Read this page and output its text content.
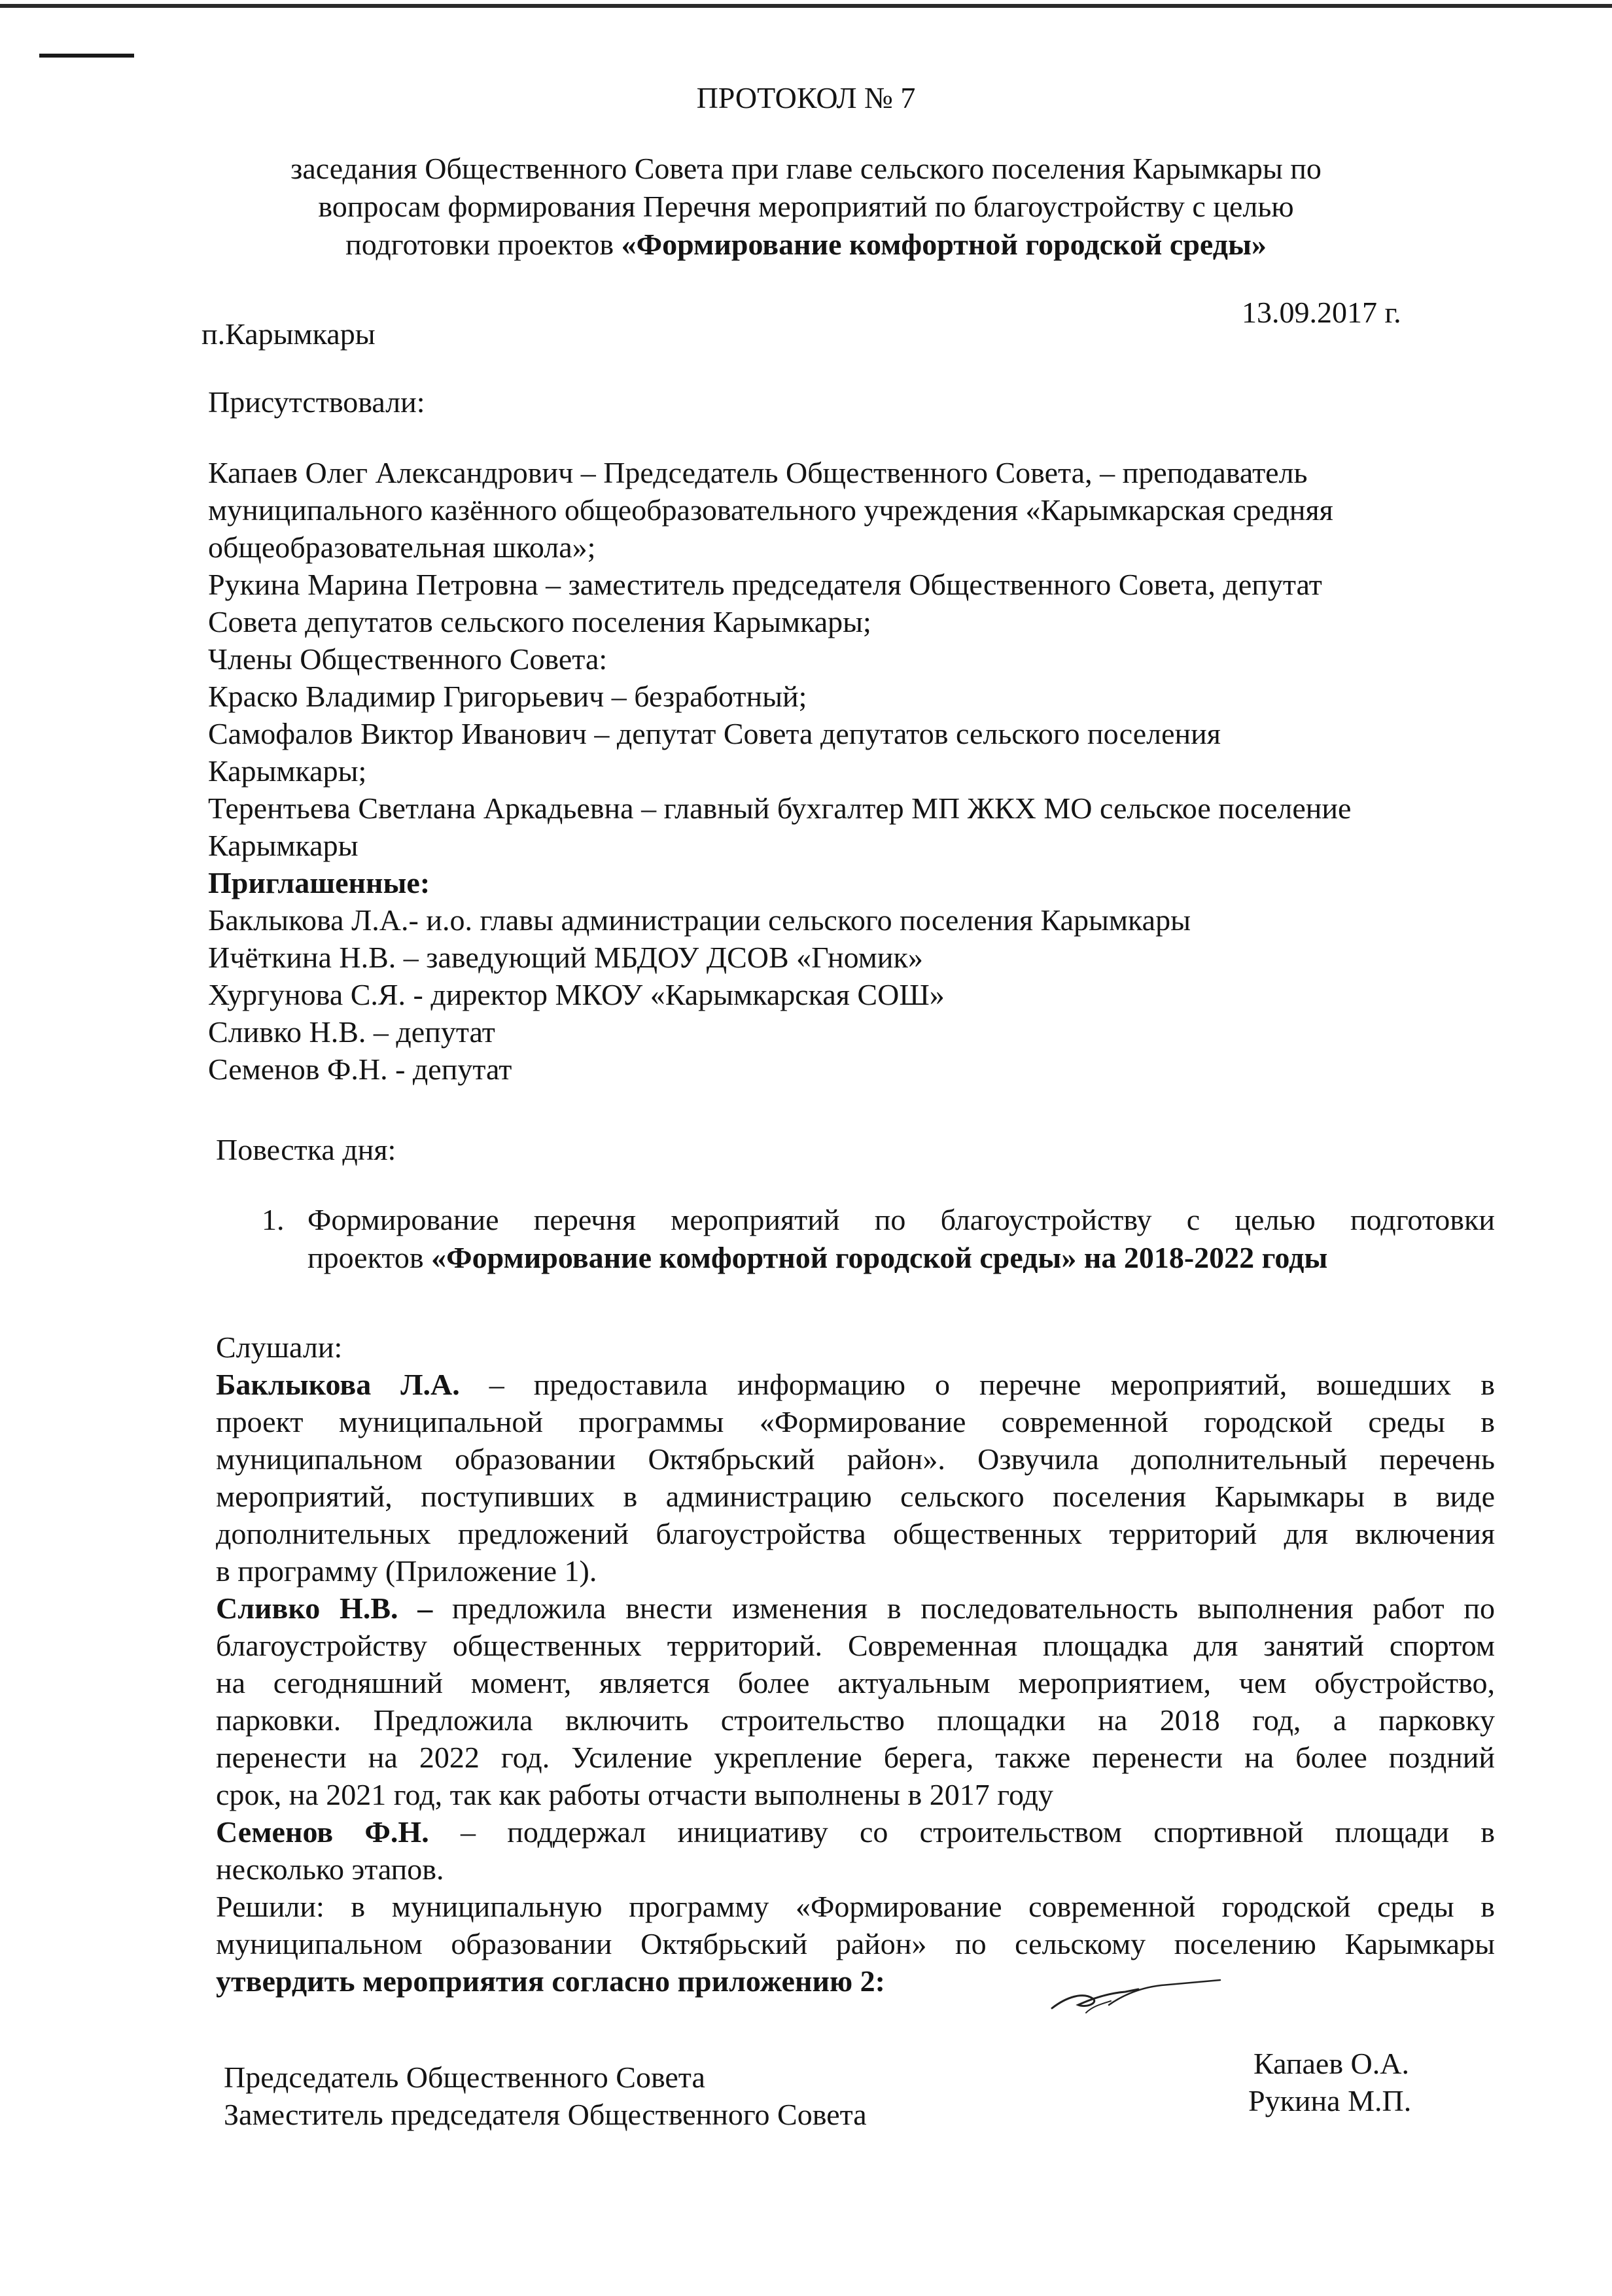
ПРОТОКОЛ № 7
заседания Общественного Совета при главе сельского поселения Карымкары по
вопросам формирования Перечня мероприятий по благоустройству с целью
подготовки проектов «Формирование комфортной городской среды»
п.Карымкары
13.09.2017 г.
Присутствовали:
Капаев Олег Александрович – Председатель Общественного Совета, – преподаватель
муниципального казённого общеобразовательного учреждения «Карымкарская средняя
общеобразовательная школа»;
Рукина Марина Петровна – заместитель председателя Общественного Совета, депутат
Совета депутатов сельского поселения Карымкары;
Члены Общественного Совета:
Краско Владимир Григорьевич – безработный;
Самофалов Виктор Иванович – депутат Совета депутатов сельского поселения
Карымкары;
Терентьева Светлана Аркадьевна – главный бухгалтер МП ЖКХ МО сельское поселение
Карымкары
Приглашенные:
Баклыкова Л.А.- и.о. главы администрации сельского поселения Карымкары
Ичёткина Н.В. – заведующий МБДОУ ДСОВ «Гномик»
Хургунова С.Я. - директор МКОУ «Карымкарская СОШ»
Сливко Н.В. – депутат
Семенов Ф.Н. - депутат
Повестка дня:
1. Формирование перечня мероприятий по благоустройству с целью подготовки
проектов «Формирование комфортной городской среды» на 2018-2022 годы
Слушали:
Баклыкова Л.А. – предоставила информацию о перечне мероприятий, вошедших в
проект муниципальной программы «Формирование современной городской среды в
муниципальном образовании Октябрьский район». Озвучила дополнительный перечень
мероприятий, поступивших в администрацию сельского поселения Карымкары в виде
дополнительных предложений благоустройства общественных территорий для включения
в программу (Приложение 1).
Сливко Н.В. – предложила внести изменения в последовательность выполнения работ по
благоустройству общественных территорий. Современная площадка для занятий спортом
на сегодняшний момент, является более актуальным мероприятием, чем обустройство,
парковки. Предложила включить строительство площадки на 2018 год, а парковку
перенести на 2022 год. Усиление укрепление берега, также перенести на более поздний
срок, на 2021 год, так как работы отчасти выполнены в 2017 году
Семенов Ф.Н. – поддержал инициативу со строительством спортивной площади в
несколько этапов.
Решили: в муниципальную программу «Формирование современной городской среды в
муниципальном образовании Октябрьский район» по сельскому поселению Карымкары
утвердить мероприятия согласно приложению 2:
Председатель Общественного Совета
Заместитель председателя Общественного Совета
Капаев О.А.
Рукина М.П.
